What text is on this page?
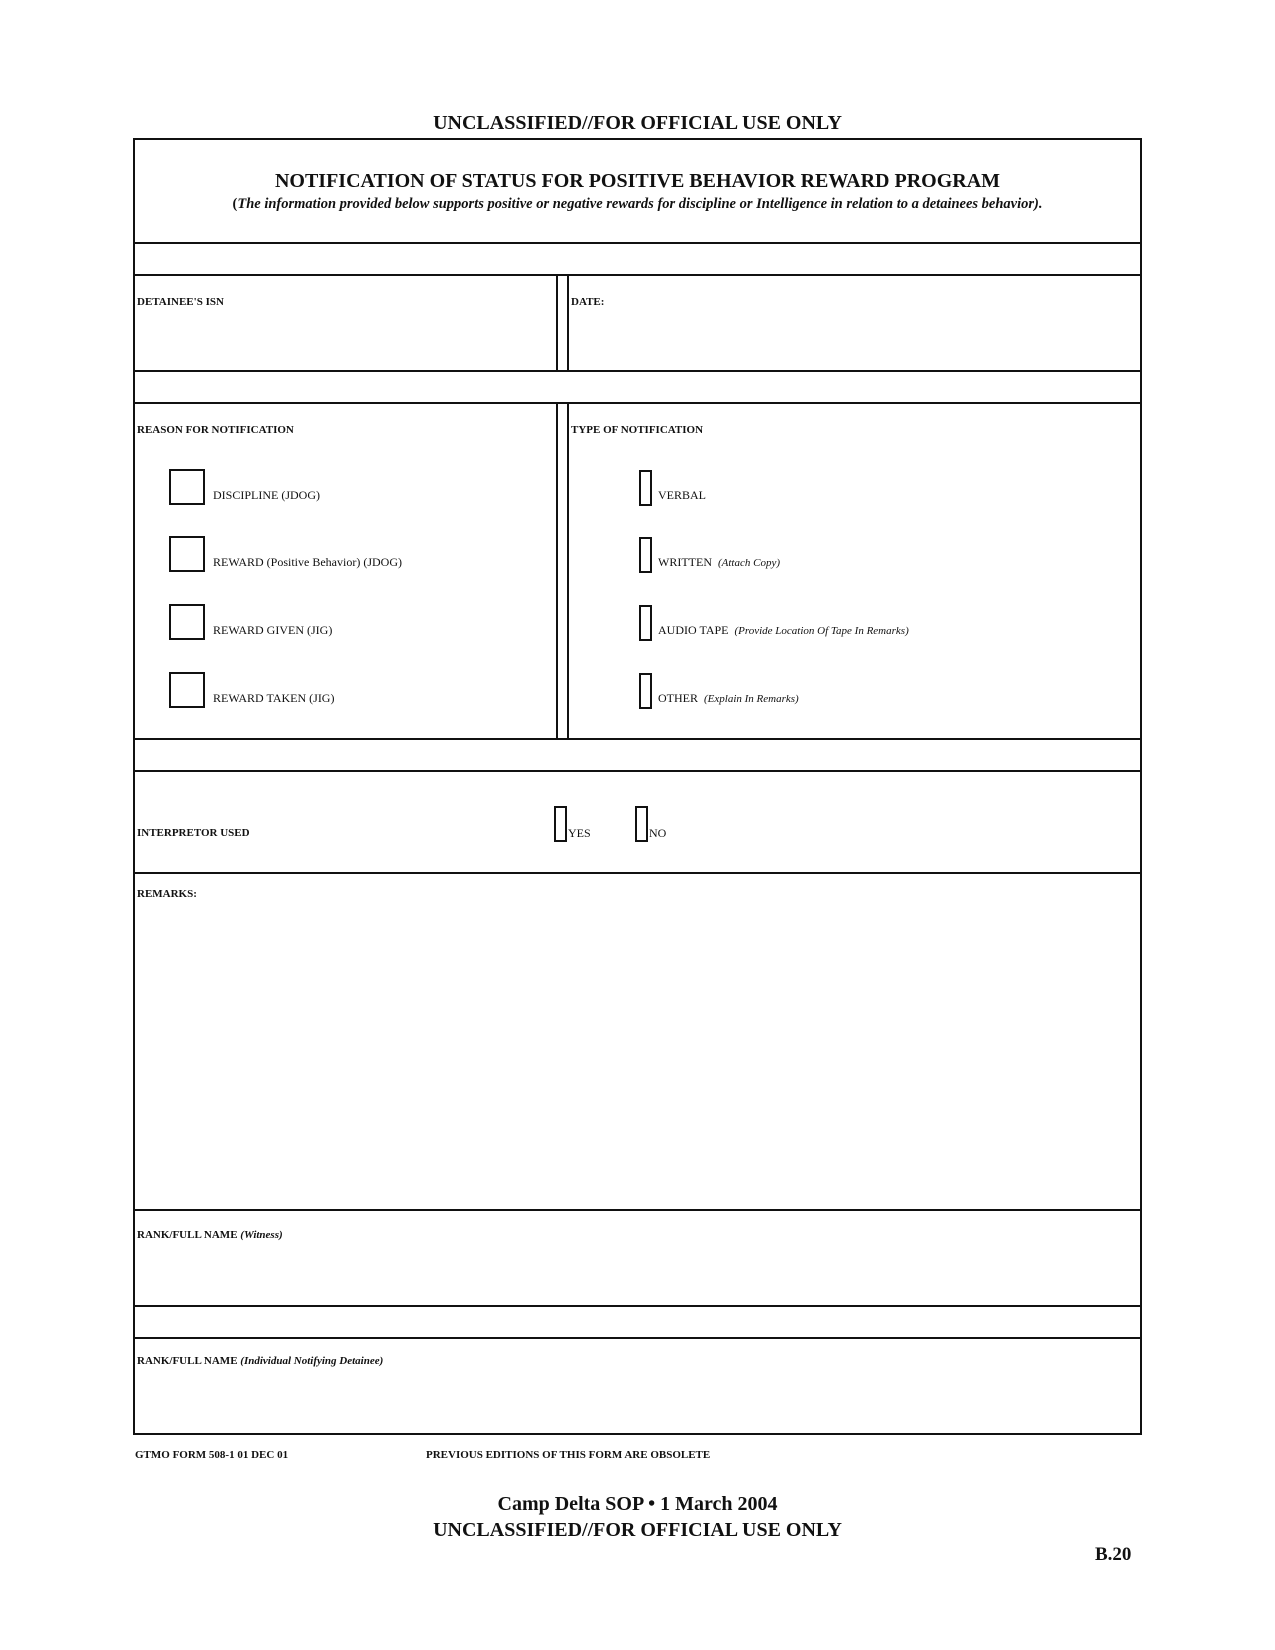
UNCLASSIFIED//FOR OFFICIAL USE ONLY
NOTIFICATION OF STATUS FOR POSITIVE BEHAVIOR REWARD PROGRAM
(The information provided below supports positive or negative rewards for discipline or Intelligence in relation to a detainees behavior).
DETAINEE'S ISN	DATE:
REASON FOR NOTIFICATION
DISCIPLINE (JDOG)
REWARD (Positive Behavior) (JDOG)
REWARD GIVEN (JIG)
REWARD TAKEN (JIG)
TYPE OF NOTIFICATION
VERBAL
WRITTEN (Attach Copy)
AUDIO TAPE (Provide Location Of Tape In Remarks)
OTHER (Explain In Remarks)
INTERPRETOR USED	YES	NO
REMARKS:
RANK/FULL NAME (Witness)
RANK/FULL NAME (Individual Notifying Detainee)
GTMO FORM 508-1 01 DEC 01	PREVIOUS EDITIONS OF THIS FORM ARE OBSOLETE
Camp Delta SOP • 1 March 2004
UNCLASSIFIED//FOR OFFICIAL USE ONLY
B.20
